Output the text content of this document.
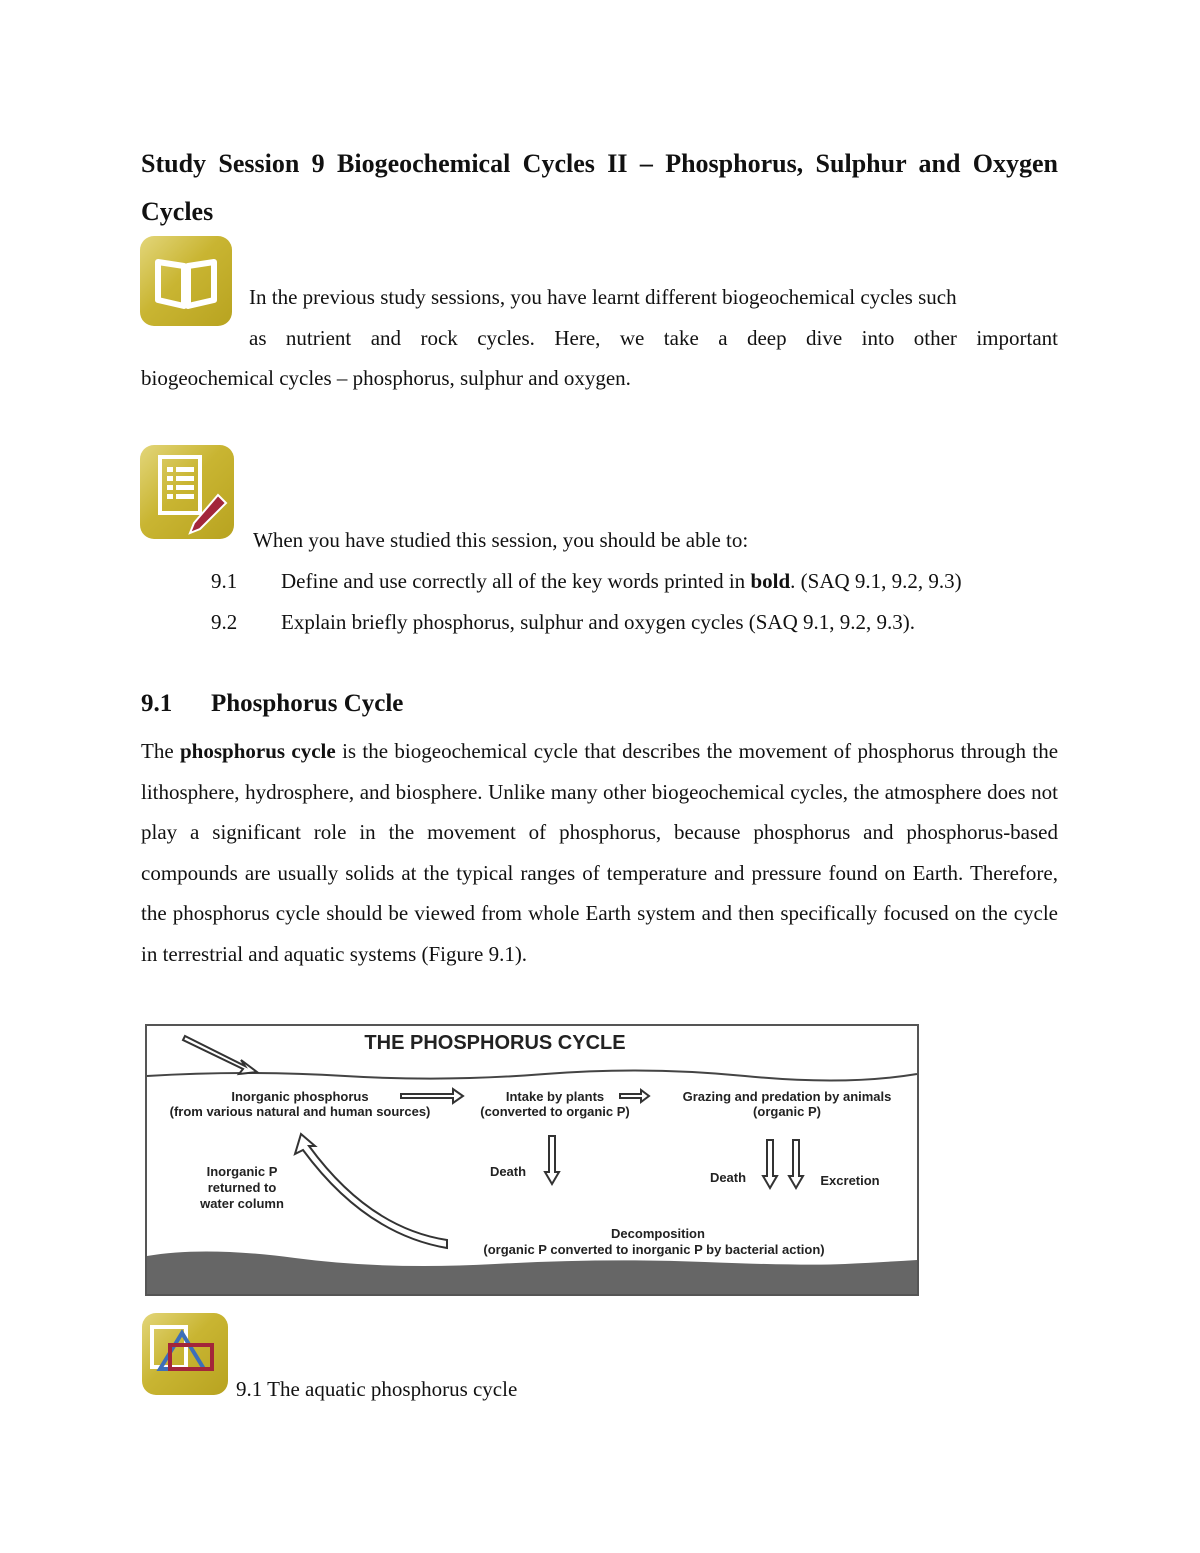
Study Session 9 Biogeochemical Cycles II – Phosphorus, Sulphur and Oxygen Cycles
In the previous study sessions, you have learnt different biogeochemical cycles such
as nutrient and rock cycles. Here, we take a deep dive into other important
biogeochemical cycles – phosphorus, sulphur and oxygen.
When you have studied this session, you should be able to:
9.1 Define and use correctly all of the key words printed in bold. (SAQ 9.1, 9.2, 9.3)
9.2 Explain briefly phosphorus, sulphur and oxygen cycles (SAQ 9.1, 9.2, 9.3).
9.1 Phosphorus Cycle
The phosphorus cycle is the biogeochemical cycle that describes the movement of phosphorus through the lithosphere, hydrosphere, and biosphere. Unlike many other biogeochemical cycles, the atmosphere does not play a significant role in the movement of phosphorus, because phosphorus and phosphorus-based compounds are usually solids at the typical ranges of temperature and pressure found on Earth. Therefore, the phosphorus cycle should be viewed from whole Earth system and then specifically focused on the cycle in terrestrial and aquatic systems (Figure 9.1).
THE PHOSPHORUS CYCLE
Inorganic phosphorus
(from various natural and human sources)
Intake by plants
(converted to organic P)
Grazing and predation by animals
(organic P)
Death	Death	Excretion
Inorganic P
returned to
water column
Decomposition
(organic P converted to inorganic P by bacterial action)
9.1 The aquatic phosphorus cycle
